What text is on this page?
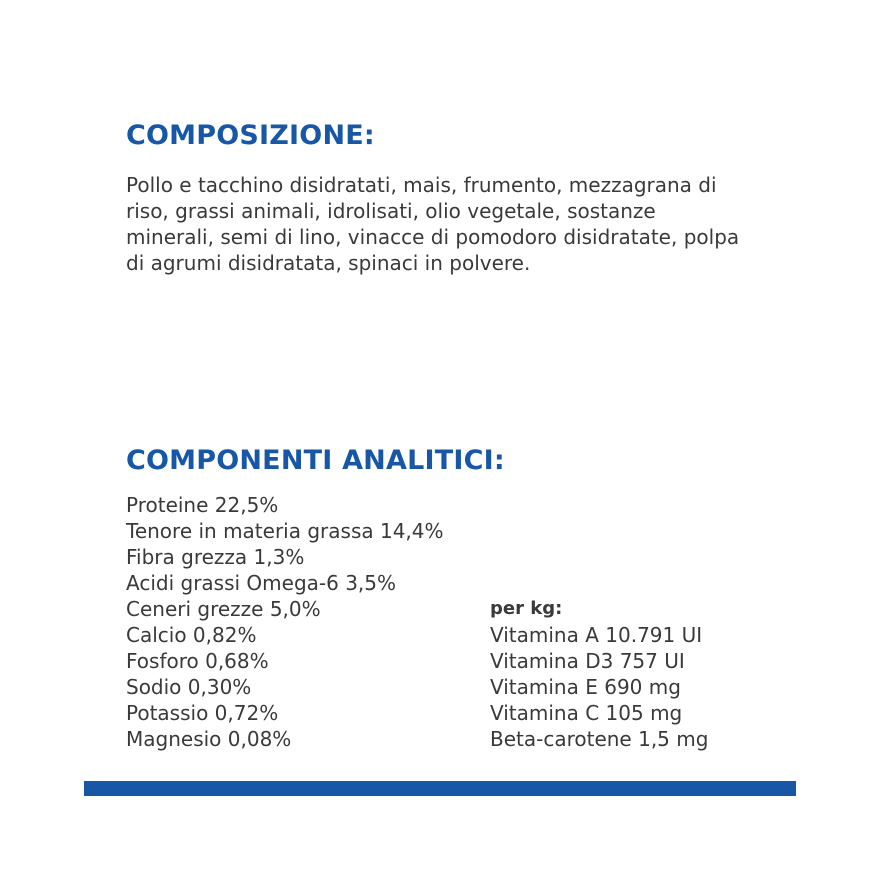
COMPOSIZIONE:

Pollo e tacchino disidratati, mais, frumento, mezzagrana di riso, grassi animali, idrolisati, olio vegetale, sostanze minerali, semi di lino, vinacce di pomodoro disidratate, polpa di agrumi disidratata, spinaci in polvere.

COMPONENTI ANALITICI:
Proteine 22,5%
Tenore in materia grassa 14,4%
Fibra grezza 1,3%
Acidi grassi Omega-6 3,5%
Ceneri grezze 5,0%
Calcio 0,82%
Fosforo 0,68%
Sodio 0,30%
Potassio 0,72%
Magnesio 0,08%
per kg:
Vitamina A 10.791 UI
Vitamina D3 757 UI
Vitamina E 690 mg
Vitamina C 105 mg
Beta-carotene 1,5 mg
